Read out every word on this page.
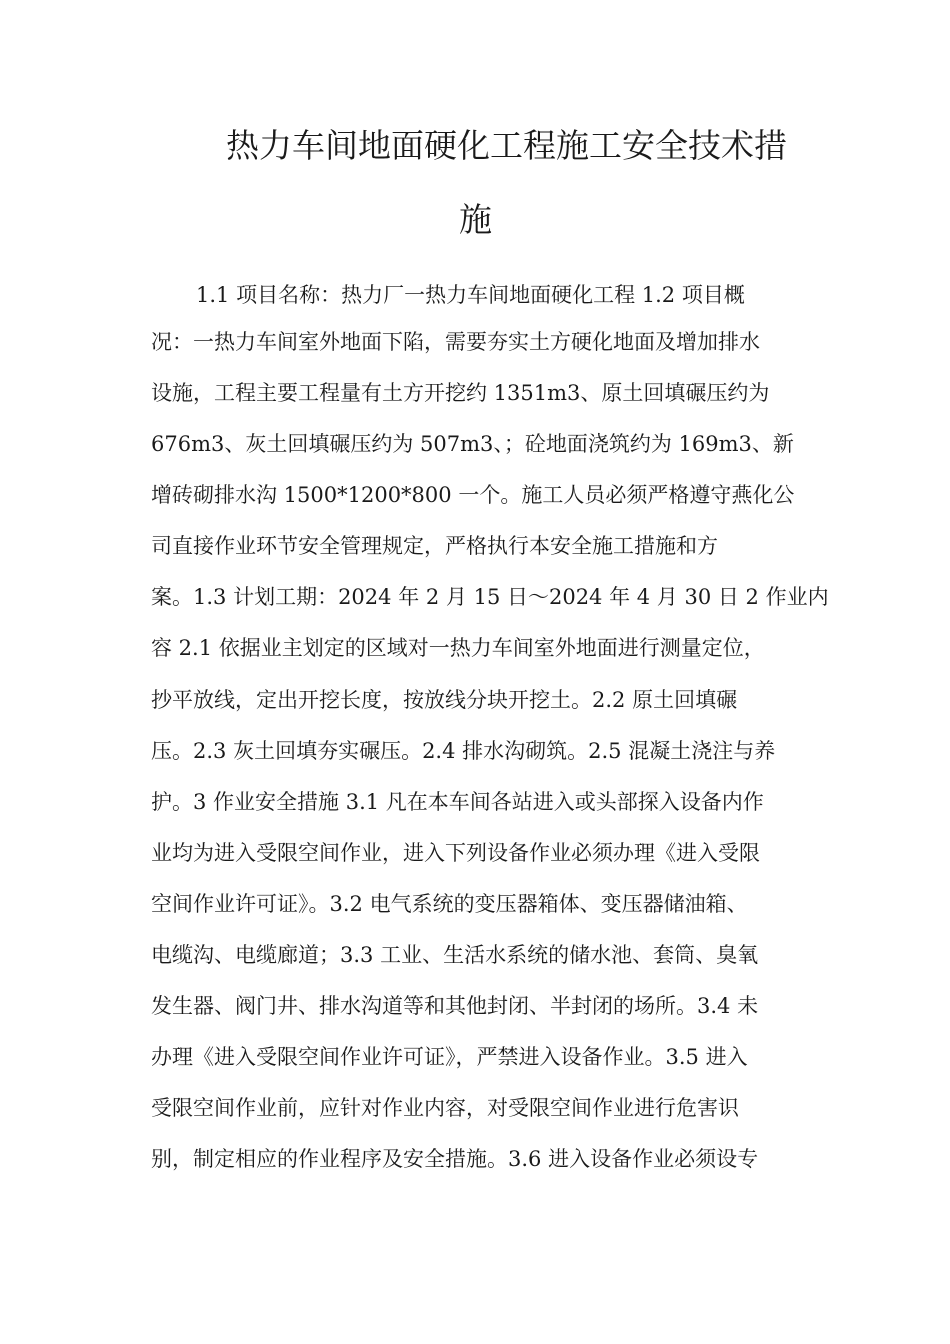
热力车间地面硬化工程施工安全技术措
施
1.1 项目名称：热力厂一热力车间地面硬化工程 1.2 项目概
况：一热力车间室外地面下陷，需要夯实土方硬化地面及增加排水
设施，工程主要工程量有土方开挖约 1351m3、原土回填碾压约为
676m3、灰土回填碾压约为 507m3、；砼地面浇筑约为 169m3、新
增砖砌排水沟 1500*1200*800 一个。施工人员必须严格遵守燕化公
司直接作业环节安全管理规定，严格执行本安全施工措施和方
案。1.3 计划工期：2024 年 2 月 15 日～2024 年 4 月 30 日 2 作业内
容 2.1 依据业主划定的区域对一热力车间室外地面进行测量定位，
抄平放线，定出开挖长度，按放线分块开挖土。2.2 原土回填碾
压。2.3 灰土回填夯实碾压。2.4 排水沟砌筑。2.5 混凝土浇注与养
护。3 作业安全措施 3.1 凡在本车间各站进入或头部探入设备内作
业均为进入受限空间作业，进入下列设备作业必须办理《进入受限
空间作业许可证》。3.2 电气系统的变压器箱体、变压器储油箱、
电缆沟、电缆廊道；3.3 工业、生活水系统的储水池、套筒、臭氧
发生器、阀门井、排水沟道等和其他封闭、半封闭的场所。3.4 未
办理《进入受限空间作业许可证》，严禁进入设备作业。3.5 进入
受限空间作业前，应针对作业内容，对受限空间作业进行危害识
别，制定相应的作业程序及安全措施。3.6 进入设备作业必须设专
